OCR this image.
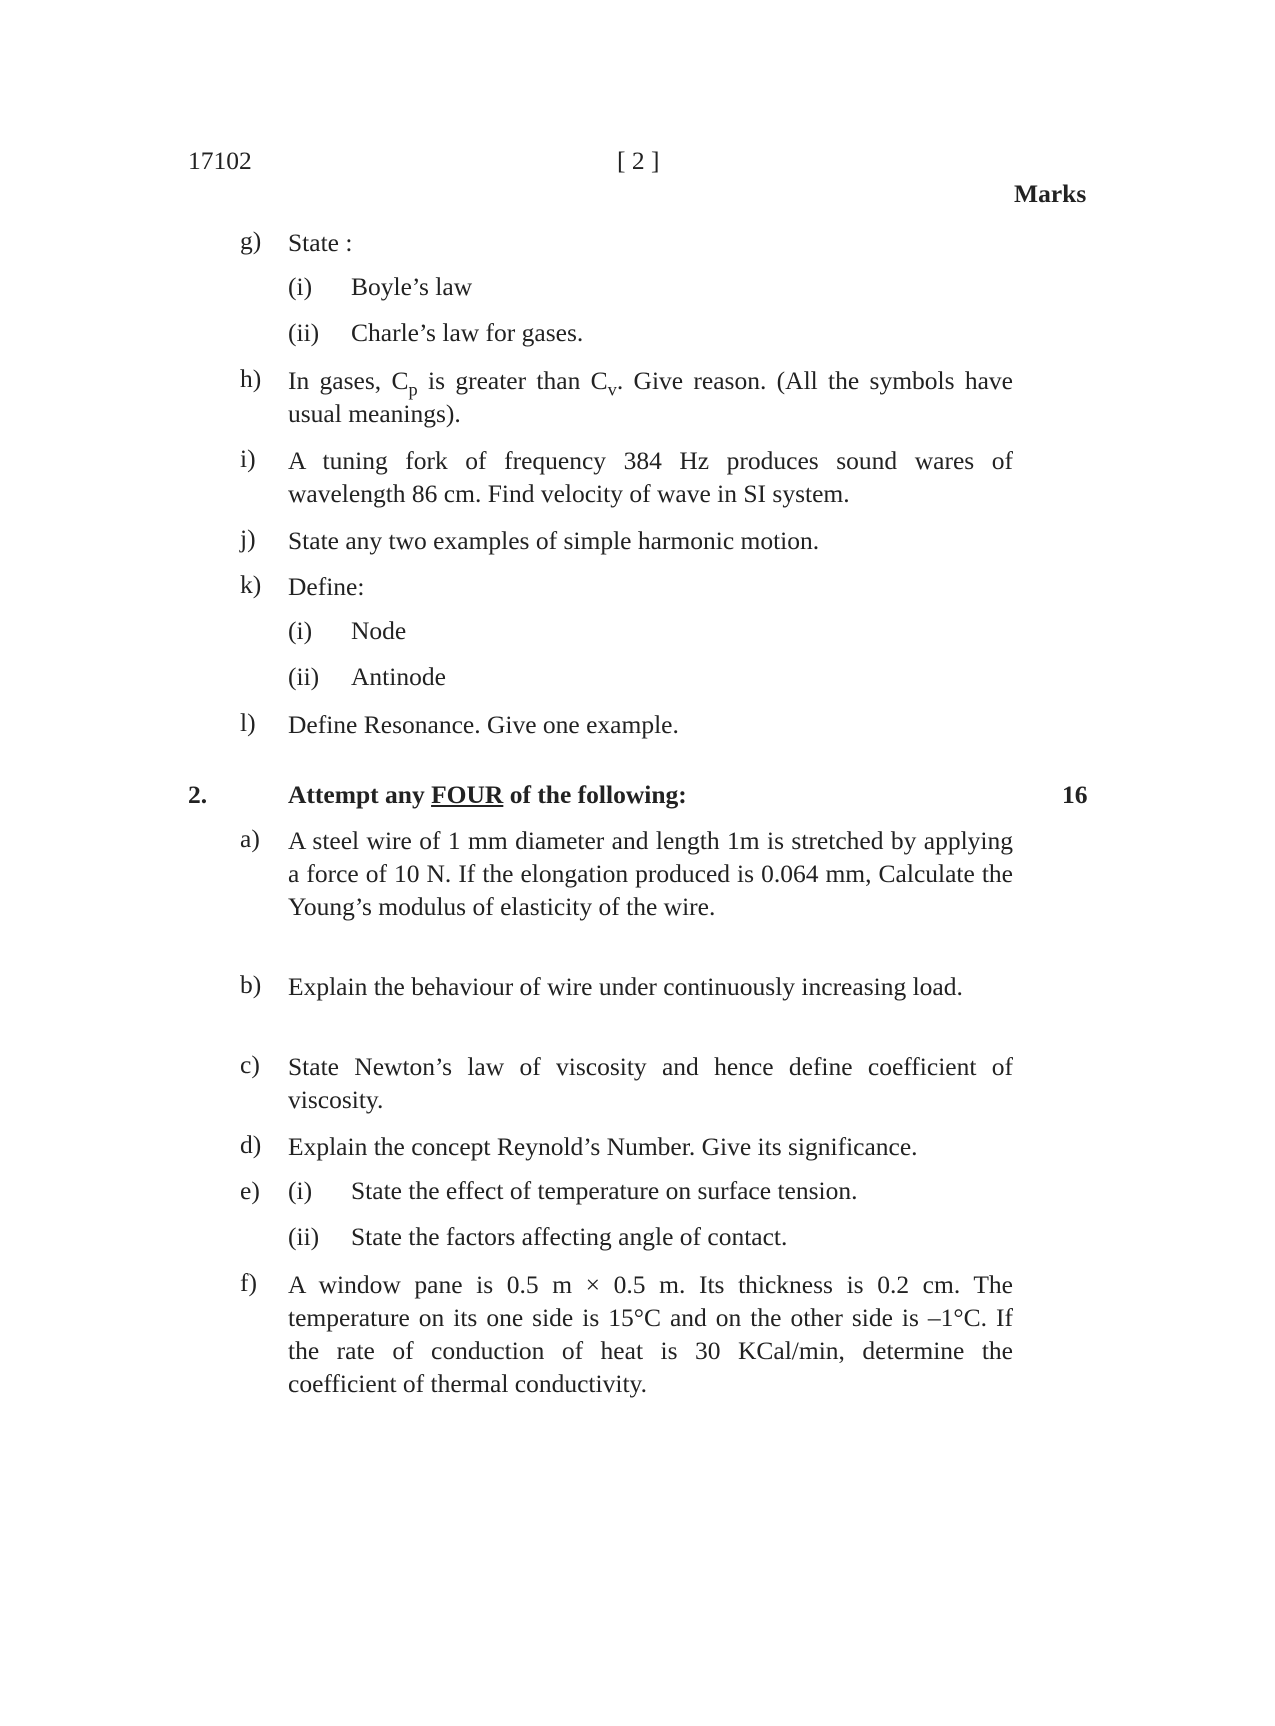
17102	[ 2 ]
Marks
g)	State :
(i) Boyle’s law
(ii) Charle’s law for gases.
h)	In gases, $C_p$ is greater than $C_v$. Give reason. (All the symbols have usual meanings).
i)	A tuning fork of frequency 384 Hz produces sound wares of wavelength 86 cm. Find velocity of wave in SI system.
j)	State any two examples of simple harmonic motion.
k)	Define:
(i) Node
(ii) Antinode
l)	Define Resonance. Give one example.
2.	Attempt any FOUR of the following:	16
a)	A steel wire of 1 mm diameter and length 1m is stretched by applying a force of 10 N. If the elongation produced is 0.064 mm, Calculate the Young’s modulus of elasticity of the wire.
b)	Explain the behaviour of wire under continuously increasing load.
c)	State Newton’s law of viscosity and hence define coefficient of viscosity.
d)	Explain the concept Reynold’s Number. Give its significance.
e)	(i) State the effect of temperature on surface tension.
(ii) State the factors affecting angle of contact.
f)	A window pane is 0.5 m × 0.5 m. Its thickness is 0.2 cm. The temperature on its one side is 15°C and on the other side is –1°C. If the rate of conduction of heat is 30 KCal/min, determine the coefficient of thermal conductivity.
